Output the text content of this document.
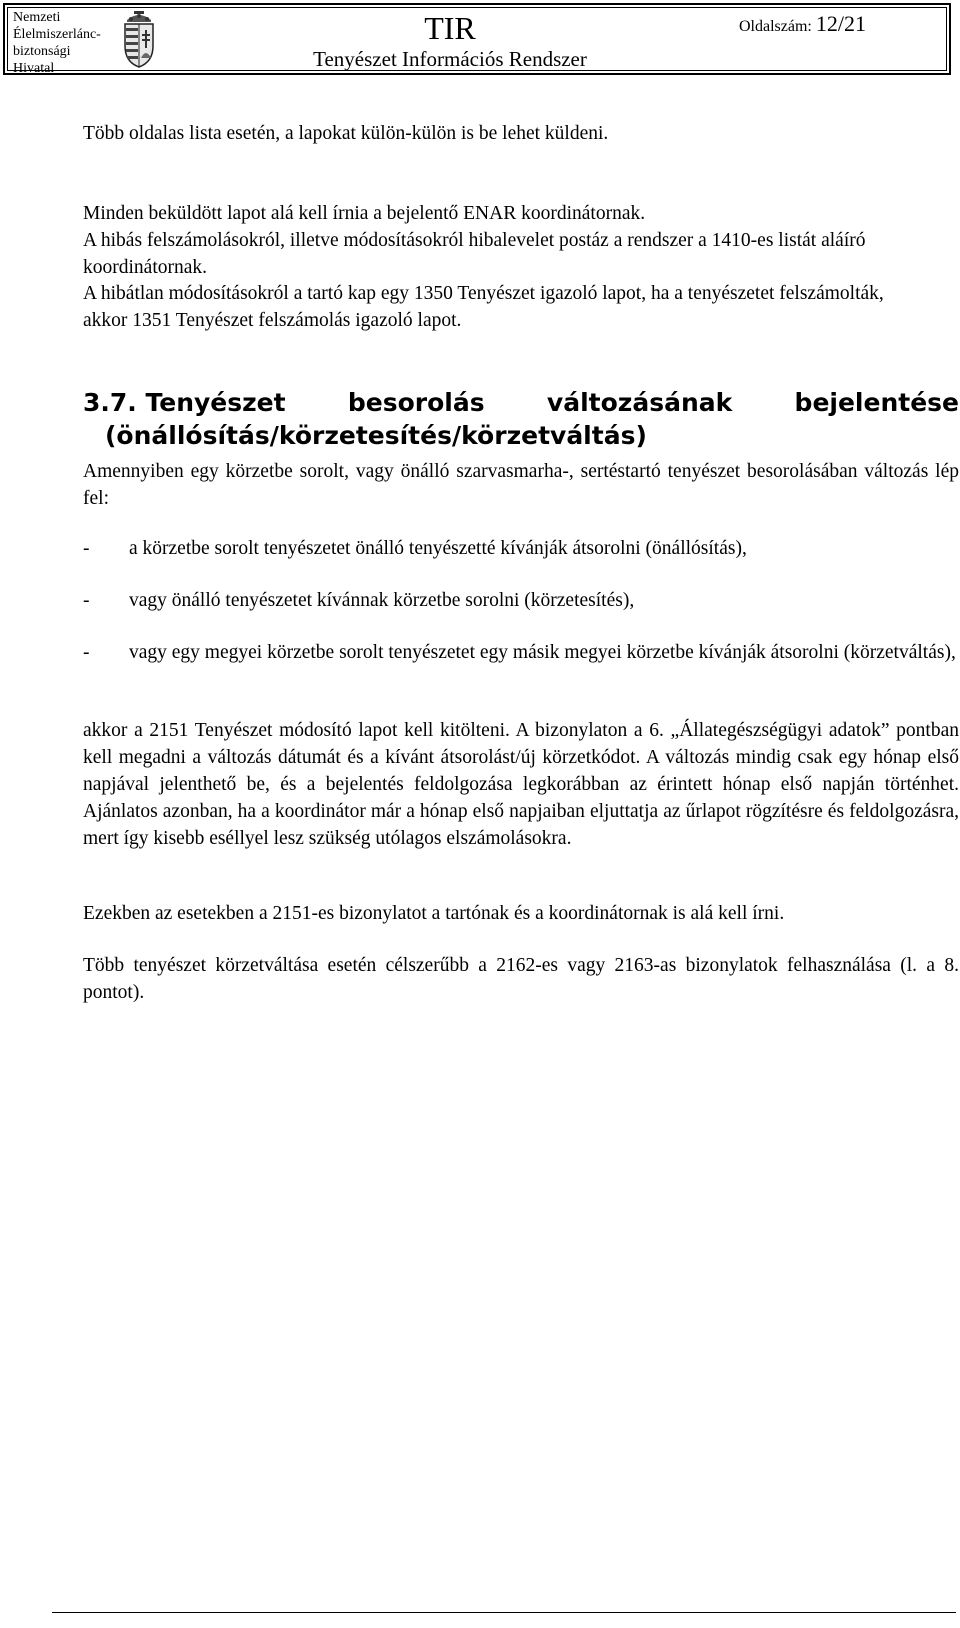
Nemzeti
Élelmiszerlánc-
biztonsági
Hivatal
TIR
Tenyészet Információs Rendszer
Oldalszám: 12/21

Több oldalas lista esetén, a lapokat külön-külön is be lehet küldeni.

Minden beküldött lapot alá kell írnia a bejelentő ENAR koordinátornak.

A hibás felszámolásokról, illetve módosításokról hibalevelet postáz a rendszer a 1410-es listát aláíró koordinátornak.

A hibátlan módosításokról a tartó kap egy 1350 Tenyészet igazoló lapot, ha a tenyészetet felszámolták, akkor 1351 Tenyészet felszámolás igazoló lapot.

3.7. Tenyészet besorolás változásának bejelentése
(önállósítás/körzetesítés/körzetváltás)

Amennyiben egy körzetbe sorolt, vagy önálló szarvasmarha-, sertéstartó tenyészet besorolásában változás lép fel:

-	a körzetbe sorolt tenyészetet önálló tenyészetté kívánják átsorolni (önállósítás),
-	vagy önálló tenyészetet kívánnak körzetbe sorolni (körzetesítés),
-	vagy egy megyei körzetbe sorolt tenyészetet egy másik megyei körzetbe kívánják átsorolni (körzetváltás),

akkor a 2151 Tenyészet módosító lapot kell kitölteni. A bizonylaton a 6. „Állategészségügyi adatok” pontban kell megadni a változás dátumát és a kívánt átsorolást/új körzetkódot. A változás mindig csak egy hónap első napjával jelenthető be, és a bejelentés feldolgozása legkorábban az érintett hónap első napján történhet. Ajánlatos azonban, ha a koordinátor már a hónap első napjaiban eljuttatja az űrlapot rögzítésre és feldolgozásra, mert így kisebb eséllyel lesz szükség utólagos elszámolásokra.

Ezekben az esetekben a 2151-es bizonylatot a tartónak és a koordinátornak is alá kell írni.

Több tenyészet körzetváltása esetén célszerűbb a 2162-es vagy 2163-as bizonylatok felhasználása (l. a 8. pontot).
